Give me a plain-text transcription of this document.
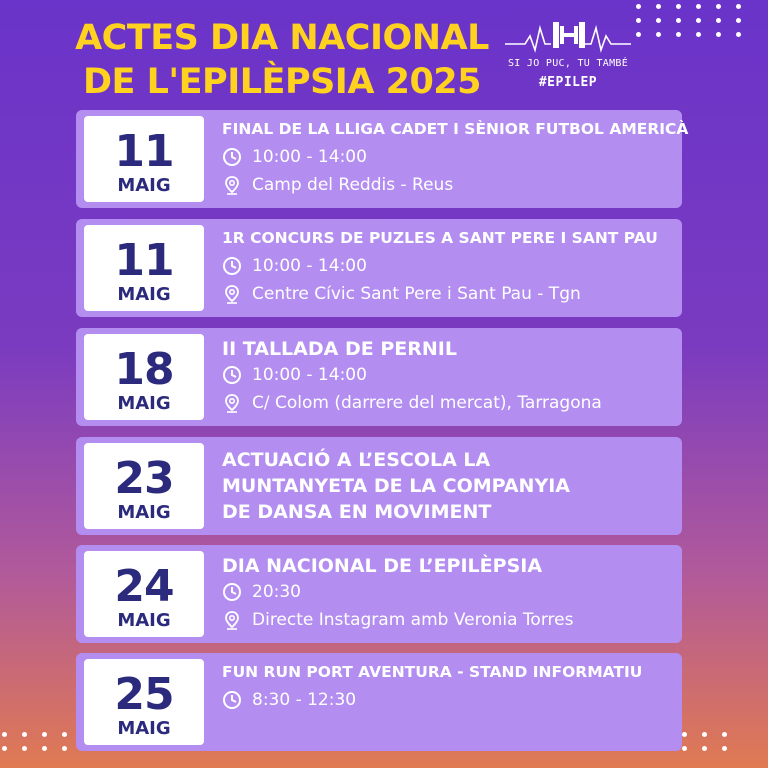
ACTES DIA NACIONAL
DE L'EPILÈPSIA 2025	SI JO PUC, TU TAMBÉ
#EPILEP
11
MAIG
FINAL DE LA LLIGA CADET I SÈNIOR FUTBOL AMERICÀ
10:00 - 14:00
Camp del Reddis - Reus
11
MAIG
1R CONCURS DE PUZLES A SANT PERE I SANT PAU
10:00 - 14:00
Centre Cívic Sant Pere i Sant Pau - Tgn
18
MAIG
II TALLADA DE PERNIL
10:00 - 14:00
C/ Colom (darrere del mercat), Tarragona
23
MAIG
ACTUACIÓ A L’ESCOLA LA
MUNTANYETA DE LA COMPANYIA
DE DANSA EN MOVIMENT
24
MAIG
DIA NACIONAL DE L’EPILÈPSIA
20:30
Directe Instagram amb Veronia Torres
25
MAIG
FUN RUN PORT AVENTURA - STAND INFORMATIU
8:30 - 12:30
